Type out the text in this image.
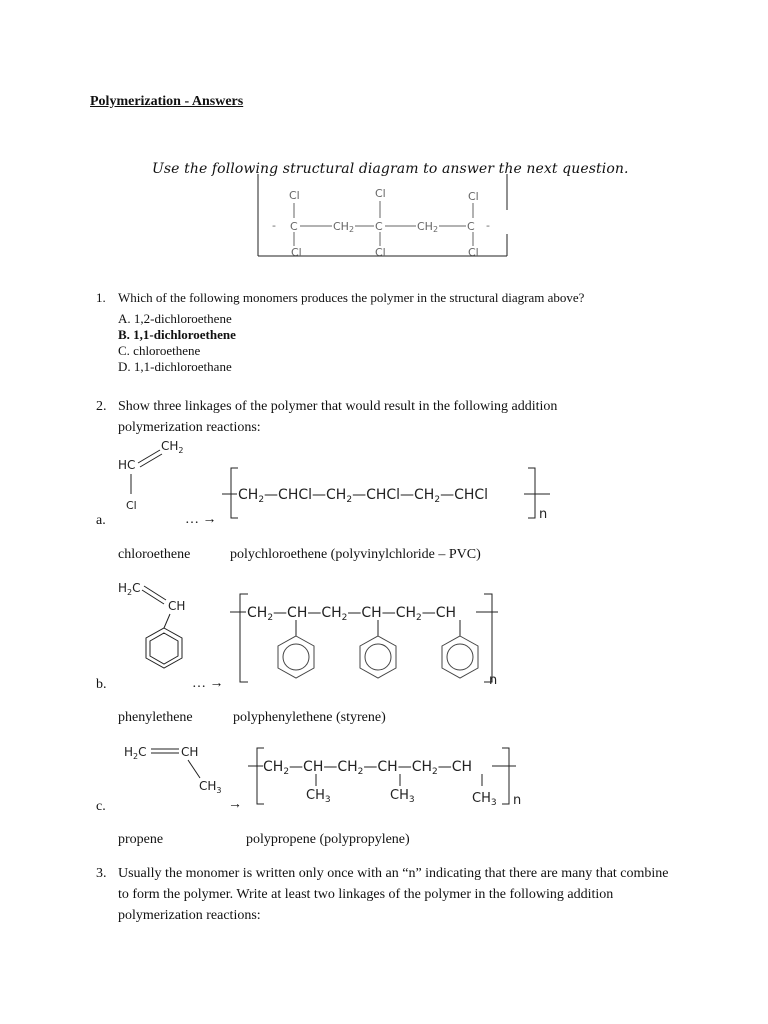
Polymerization - Answers
Use the following structural diagram to answer the next question.
Cl	Cl	Cl
- C	CH2 C	CH2	C -
Cl	Cl	Cl
1. Which of the following monomers produces the polymer in the structural diagram above?
A. 1,2-dichloroethene
B. 1,1-dichloroethene
C. chloroethene
D. 1,1-dichloroethane
2. Show three linkages of the polymer that would result in the following addition polymerization reactions:
HC
$CH_2$
Cl
a.	… →
$CH_2—CHCl—CH_2—CHCl—CH_2—CHCl$
n
chloroethene	polychloroethene (polyvinylchloride – PVC)
$H_2C$
CH
b.	… →
$CH_2—CH—CH_2—CH—CH_2—CH$
n
phenylethene	polyphenylethene (styrene)
$H_2C$	CH
$CH_3$
c.	→
$CH_2—CH—CH_2—CH—CH_2—CH$
$CH_3$	$CH_3$	$CH_3$ n
propene	polypropene (polypropylene)
3. Usually the monomer is written only once with an “n” indicating that there are many that combine to form the polymer. Write at least two linkages of the polymer in the following addition polymerization reactions:
